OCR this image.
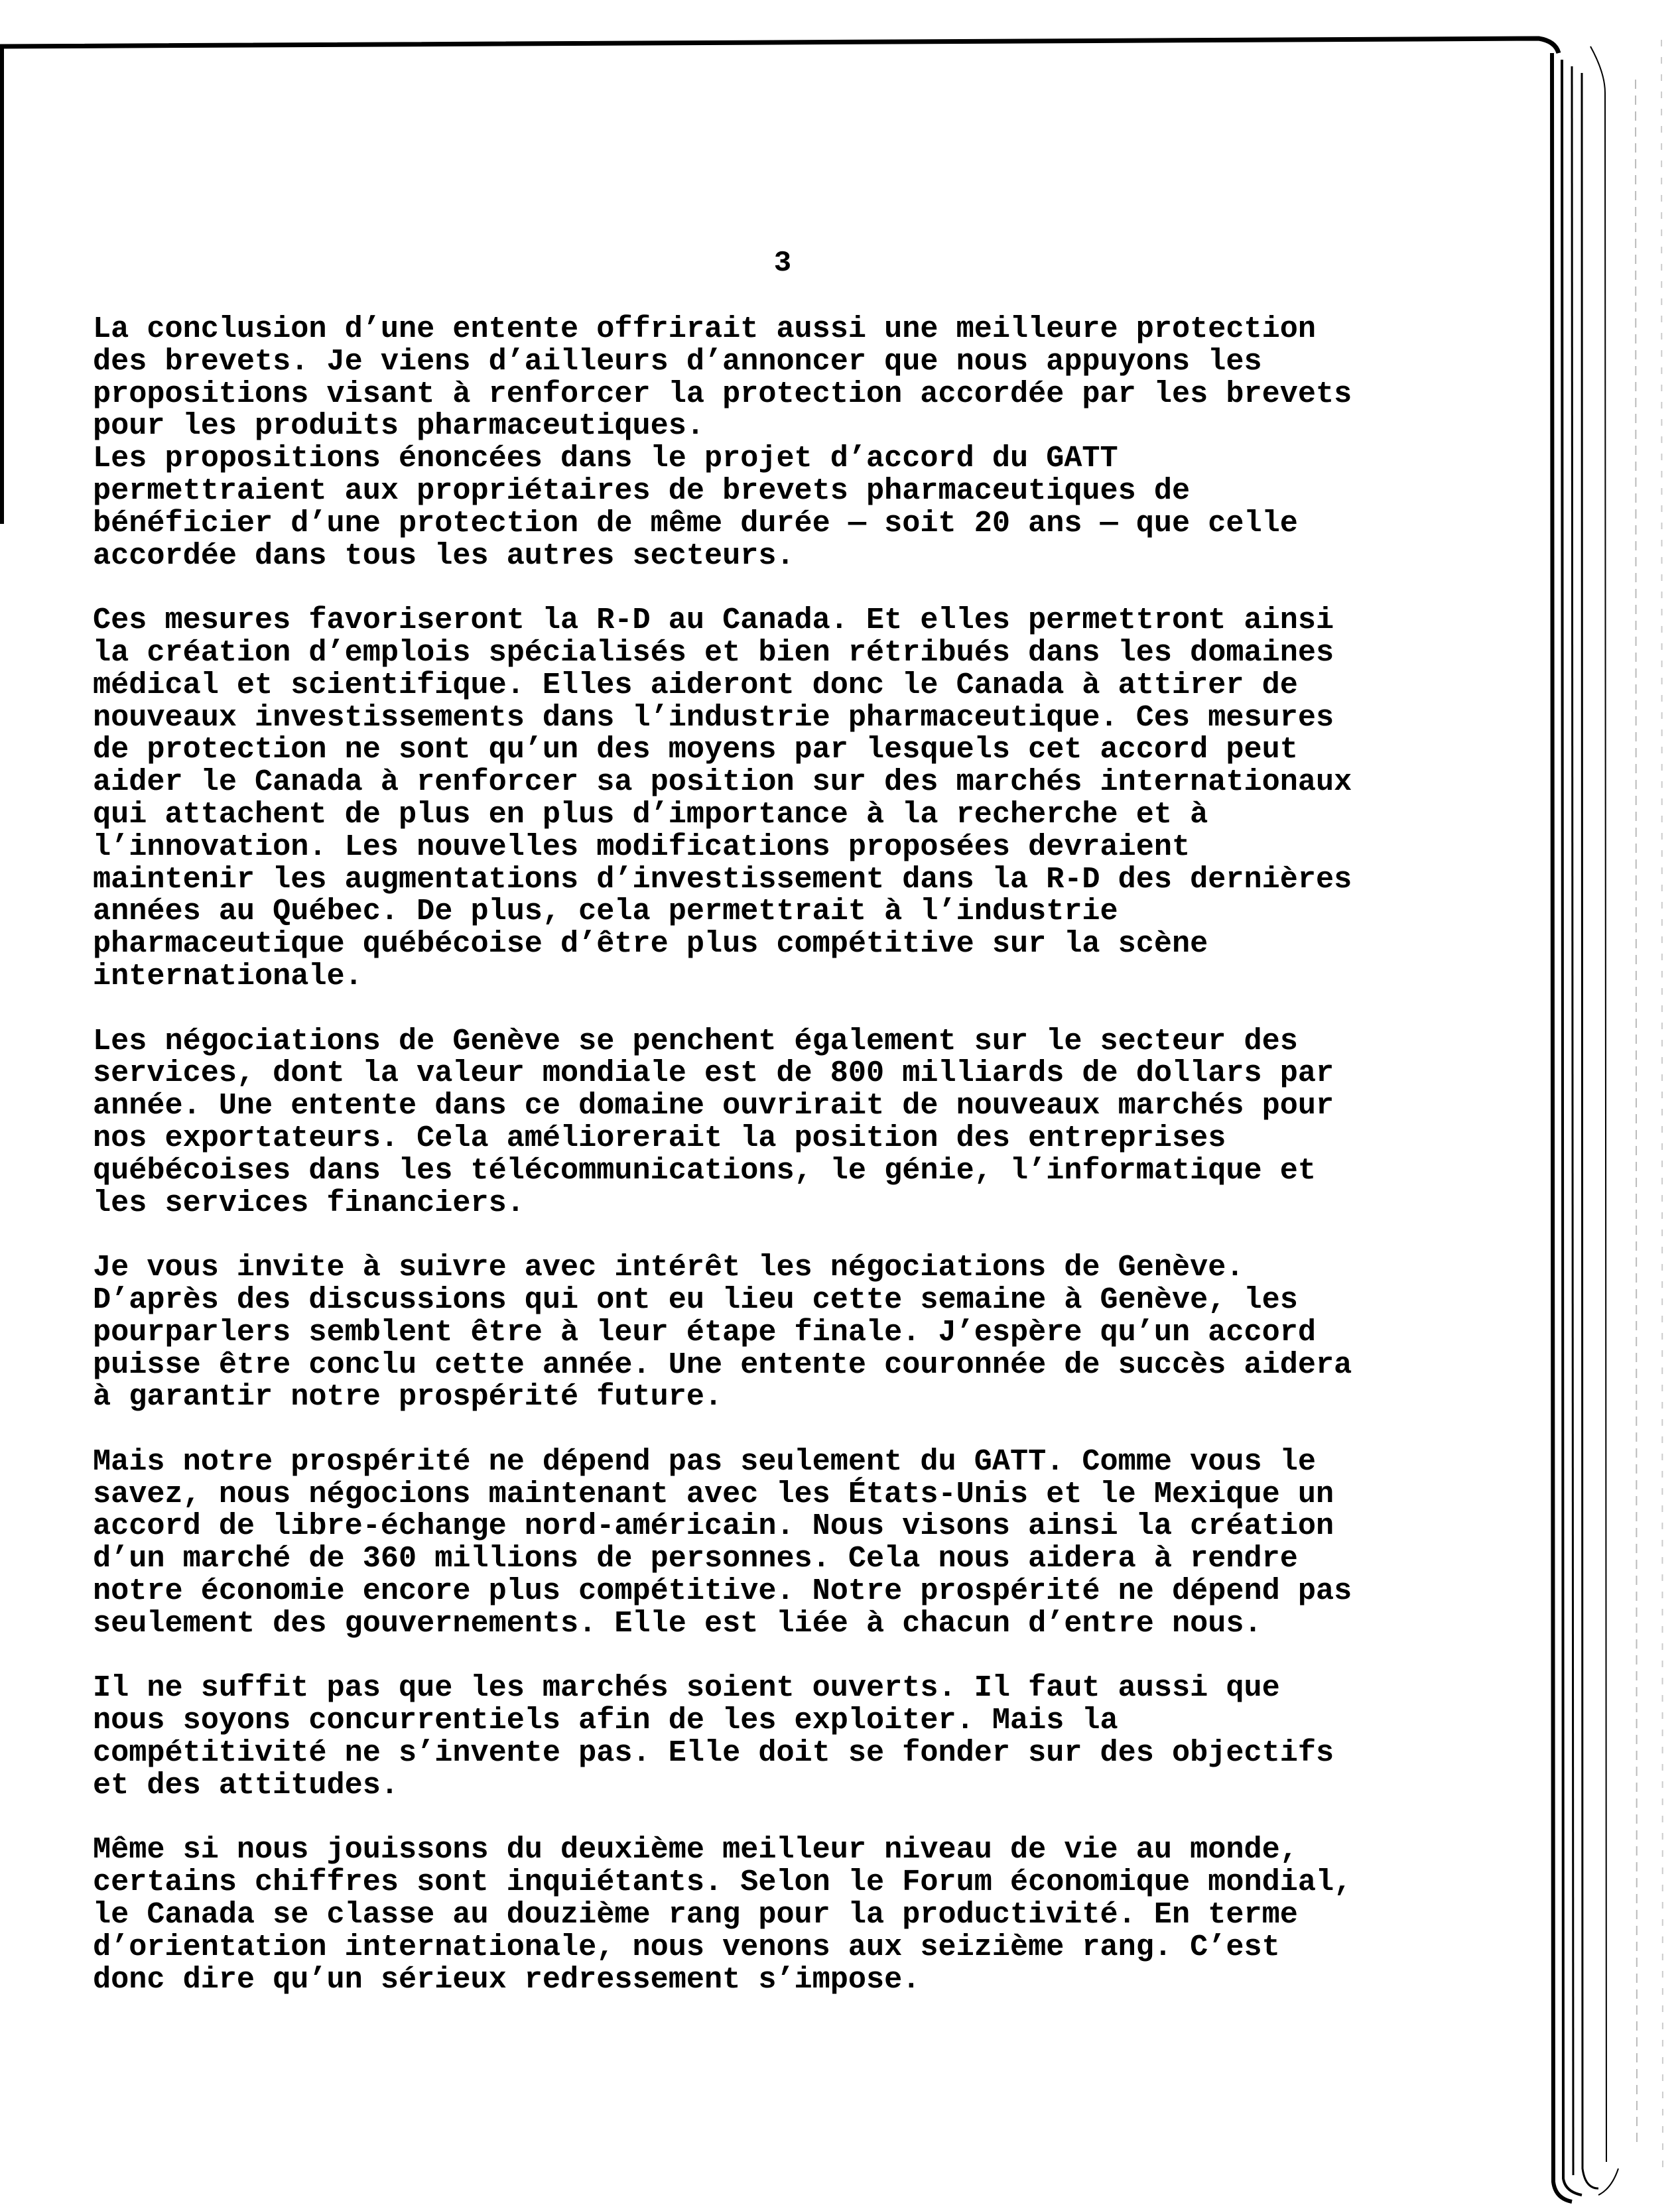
3
La conclusion d’une entente offrirait aussi une meilleure protection
des brevets. Je viens d’ailleurs d’annoncer que nous appuyons les
propositions visant à renforcer la protection accordée par les brevets
pour les produits pharmaceutiques.
Les propositions énoncées dans le projet d’accord du GATT
permettraient aux propriétaires de brevets pharmaceutiques de
bénéficier d’une protection de même durée — soit 20 ans — que celle
accordée dans tous les autres secteurs.
Ces mesures favoriseront la R-D au Canada. Et elles permettront ainsi
la création d’emplois spécialisés et bien rétribués dans les domaines
médical et scientifique. Elles aideront donc le Canada à attirer de
nouveaux investissements dans l’industrie pharmaceutique. Ces mesures
de protection ne sont qu’un des moyens par lesquels cet accord peut
aider le Canada à renforcer sa position sur des marchés internationaux
qui attachent de plus en plus d’importance à la recherche et à
l’innovation. Les nouvelles modifications proposées devraient
maintenir les augmentations d’investissement dans la R-D des dernières
années au Québec. De plus, cela permettrait à l’industrie
pharmaceutique québécoise d’être plus compétitive sur la scène
internationale.
Les négociations de Genève se penchent également sur le secteur des
services, dont la valeur mondiale est de 800 milliards de dollars par
année. Une entente dans ce domaine ouvrirait de nouveaux marchés pour
nos exportateurs. Cela améliorerait la position des entreprises
québécoises dans les télécommunications, le génie, l’informatique et
les services financiers.
Je vous invite à suivre avec intérêt les négociations de Genève.
D’après des discussions qui ont eu lieu cette semaine à Genève, les
pourparlers semblent être à leur étape finale. J’espère qu’un accord
puisse être conclu cette année. Une entente couronnée de succès aidera
à garantir notre prospérité future.
Mais notre prospérité ne dépend pas seulement du GATT. Comme vous le
savez, nous négocions maintenant avec les États-Unis et le Mexique un
accord de libre-échange nord-américain. Nous visons ainsi la création
d’un marché de 360 millions de personnes. Cela nous aidera à rendre
notre économie encore plus compétitive. Notre prospérité ne dépend pas
seulement des gouvernements. Elle est liée à chacun d’entre nous.
Il ne suffit pas que les marchés soient ouverts. Il faut aussi que
nous soyons concurrentiels afin de les exploiter. Mais la
compétitivité ne s’invente pas. Elle doit se fonder sur des objectifs
et des attitudes.
Même si nous jouissons du deuxième meilleur niveau de vie au monde,
certains chiffres sont inquiétants. Selon le Forum économique mondial,
le Canada se classe au douzième rang pour la productivité. En terme
d’orientation internationale, nous venons aux seizième rang. C’est
donc dire qu’un sérieux redressement s’impose.
